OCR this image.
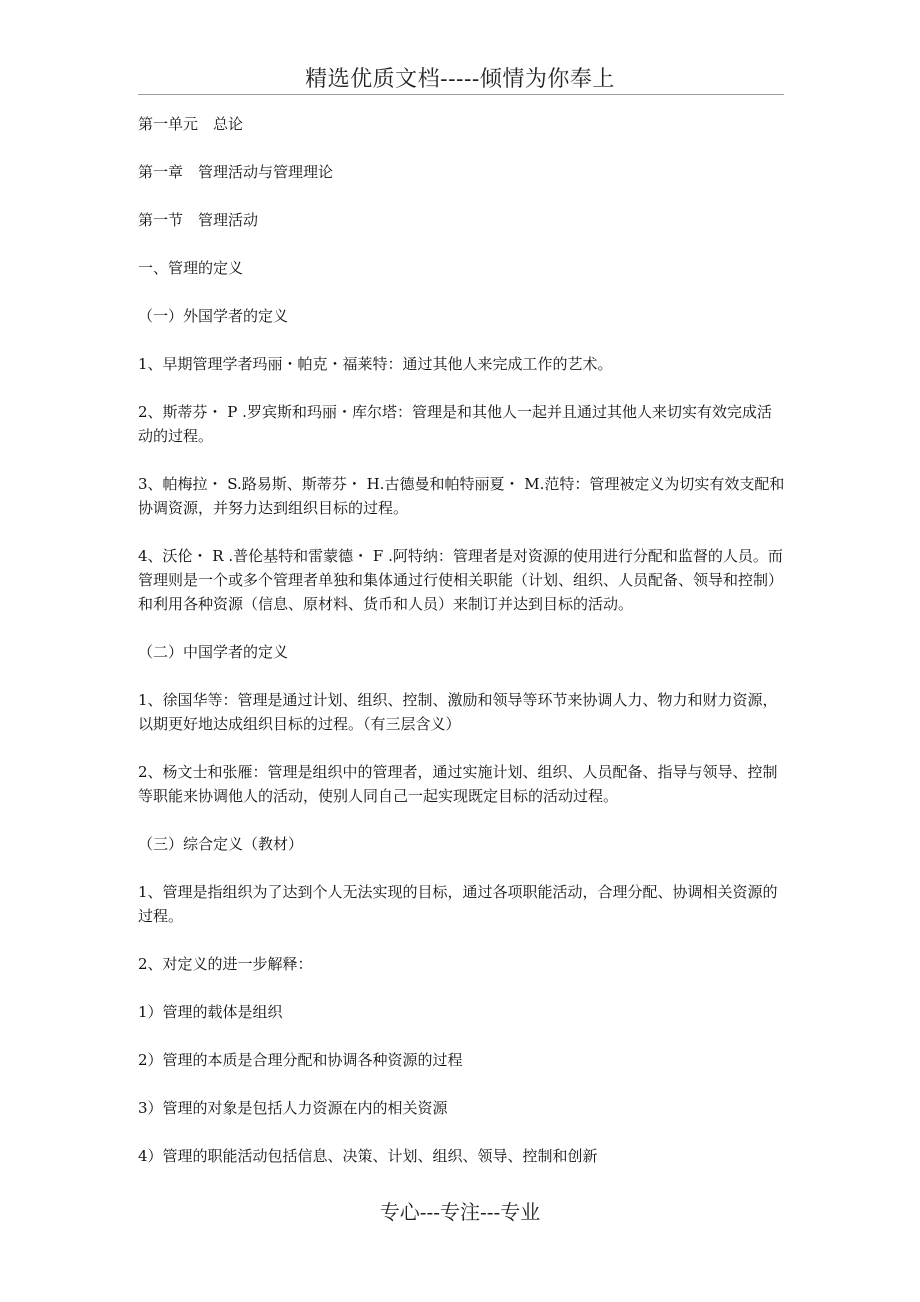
精选优质文档-----倾情为你奉上

第一单元　总论

第一章　管理活动与管理理论

第一节　管理活动

一、管理的定义

（一）外国学者的定义

1、早期管理学者玛丽・帕克・福莱特：通过其他人来完成工作的艺术。

2、斯蒂芬・ P .罗宾斯和玛丽・库尔塔：管理是和其他人一起并且通过其他人来切实有效完成活动的过程。

3、帕梅拉・ S.路易斯、斯蒂芬・ H.古德曼和帕特丽夏・ M.范特：管理被定义为切实有效支配和协调资源，并努力达到组织目标的过程。

4、沃伦・ R .普伦基特和雷蒙德・ F .阿特纳：管理者是对资源的使用进行分配和监督的人员。而管理则是一个或多个管理者单独和集体通过行使相关职能（计划、组织、人员配备、领导和控制）和利用各种资源（信息、原材料、货币和人员）来制订并达到目标的活动。

（二）中国学者的定义

1、徐国华等：管理是通过计划、组织、控制、激励和领导等环节来协调人力、物力和财力资源，以期更好地达成组织目标的过程。（有三层含义）

2、杨文士和张雁：管理是组织中的管理者，通过实施计划、组织、人员配备、指导与领导、控制等职能来协调他人的活动，使别人同自己一起实现既定目标的活动过程。

（三）综合定义（教材）

1、管理是指组织为了达到个人无法实现的目标，通过各项职能活动，合理分配、协调相关资源的过程。

2、对定义的进一步解释：

1）管理的载体是组织

2）管理的本质是合理分配和协调各种资源的过程

3）管理的对象是包括人力资源在内的相关资源

4）管理的职能活动包括信息、决策、计划、组织、领导、控制和创新

专心---专注---专业
